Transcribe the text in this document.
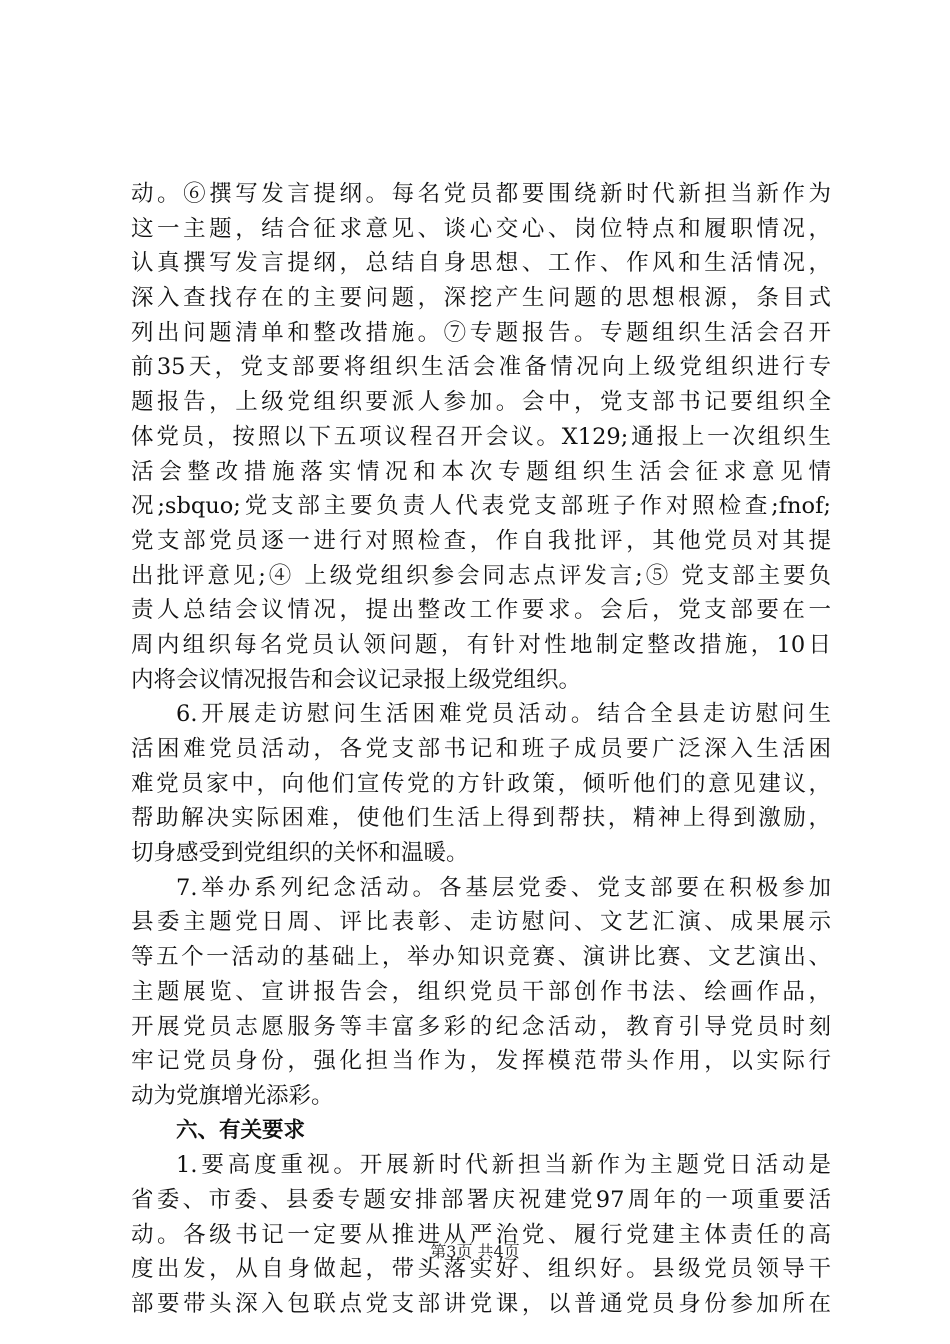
动。⑥撰写发言提纲。每名党员都要围绕新时代新担当新作为
这一主题，结合征求意见、谈心交心、岗位特点和履职情况，
认真撰写发言提纲，总结自身思想、工作、作风和生活情况，
深入查找存在的主要问题，深挖产生问题的思想根源，条目式
列出问题清单和整改措施。⑦专题报告。专题组织生活会召开
前35天，党支部要将组织生活会准备情况向上级党组织进行专
题报告，上级党组织要派人参加。会中，党支部书记要组织全
体党员，按照以下五项议程召开会议。X129;通报上一次组织生
活会整改措施落实情况和本次专题组织生活会征求意见情
况;sbquo;党支部主要负责人代表党支部班子作对照检查;fnof;
党支部党员逐一进行对照检查，作自我批评，其他党员对其提
出批评意见;④ 上级党组织参会同志点评发言;⑤ 党支部主要负
责人总结会议情况，提出整改工作要求。会后，党支部要在一
周内组织每名党员认领问题，有针对性地制定整改措施，10日
内将会议情况报告和会议记录报上级党组织。
6.开展走访慰问生活困难党员活动。结合全县走访慰问生
活困难党员活动，各党支部书记和班子成员要广泛深入生活困
难党员家中，向他们宣传党的方针政策，倾听他们的意见建议，
帮助解决实际困难，使他们生活上得到帮扶，精神上得到激励，
切身感受到党组织的关怀和温暖。
7.举办系列纪念活动。各基层党委、党支部要在积极参加
县委主题党日周、评比表彰、走访慰问、文艺汇演、成果展示
等五个一活动的基础上，举办知识竞赛、演讲比赛、文艺演出、
主题展览、宣讲报告会，组织党员干部创作书法、绘画作品，
开展党员志愿服务等丰富多彩的纪念活动，教育引导党员时刻
牢记党员身份，强化担当作为，发挥模范带头作用，以实际行
动为党旗增光添彩。
六、有关要求
1.要高度重视。开展新时代新担当新作为主题党日活动是
省委、市委、县委专题安排部署庆祝建党97周年的一项重要活
动。各级书记一定要从推进从严治党、履行党建主体责任的高
度出发，从自身做起，带头落实好、组织好。县级党员领导干
部要带头深入包联点党支部讲党课，以普通党员身份参加所在
第3页 共4页
